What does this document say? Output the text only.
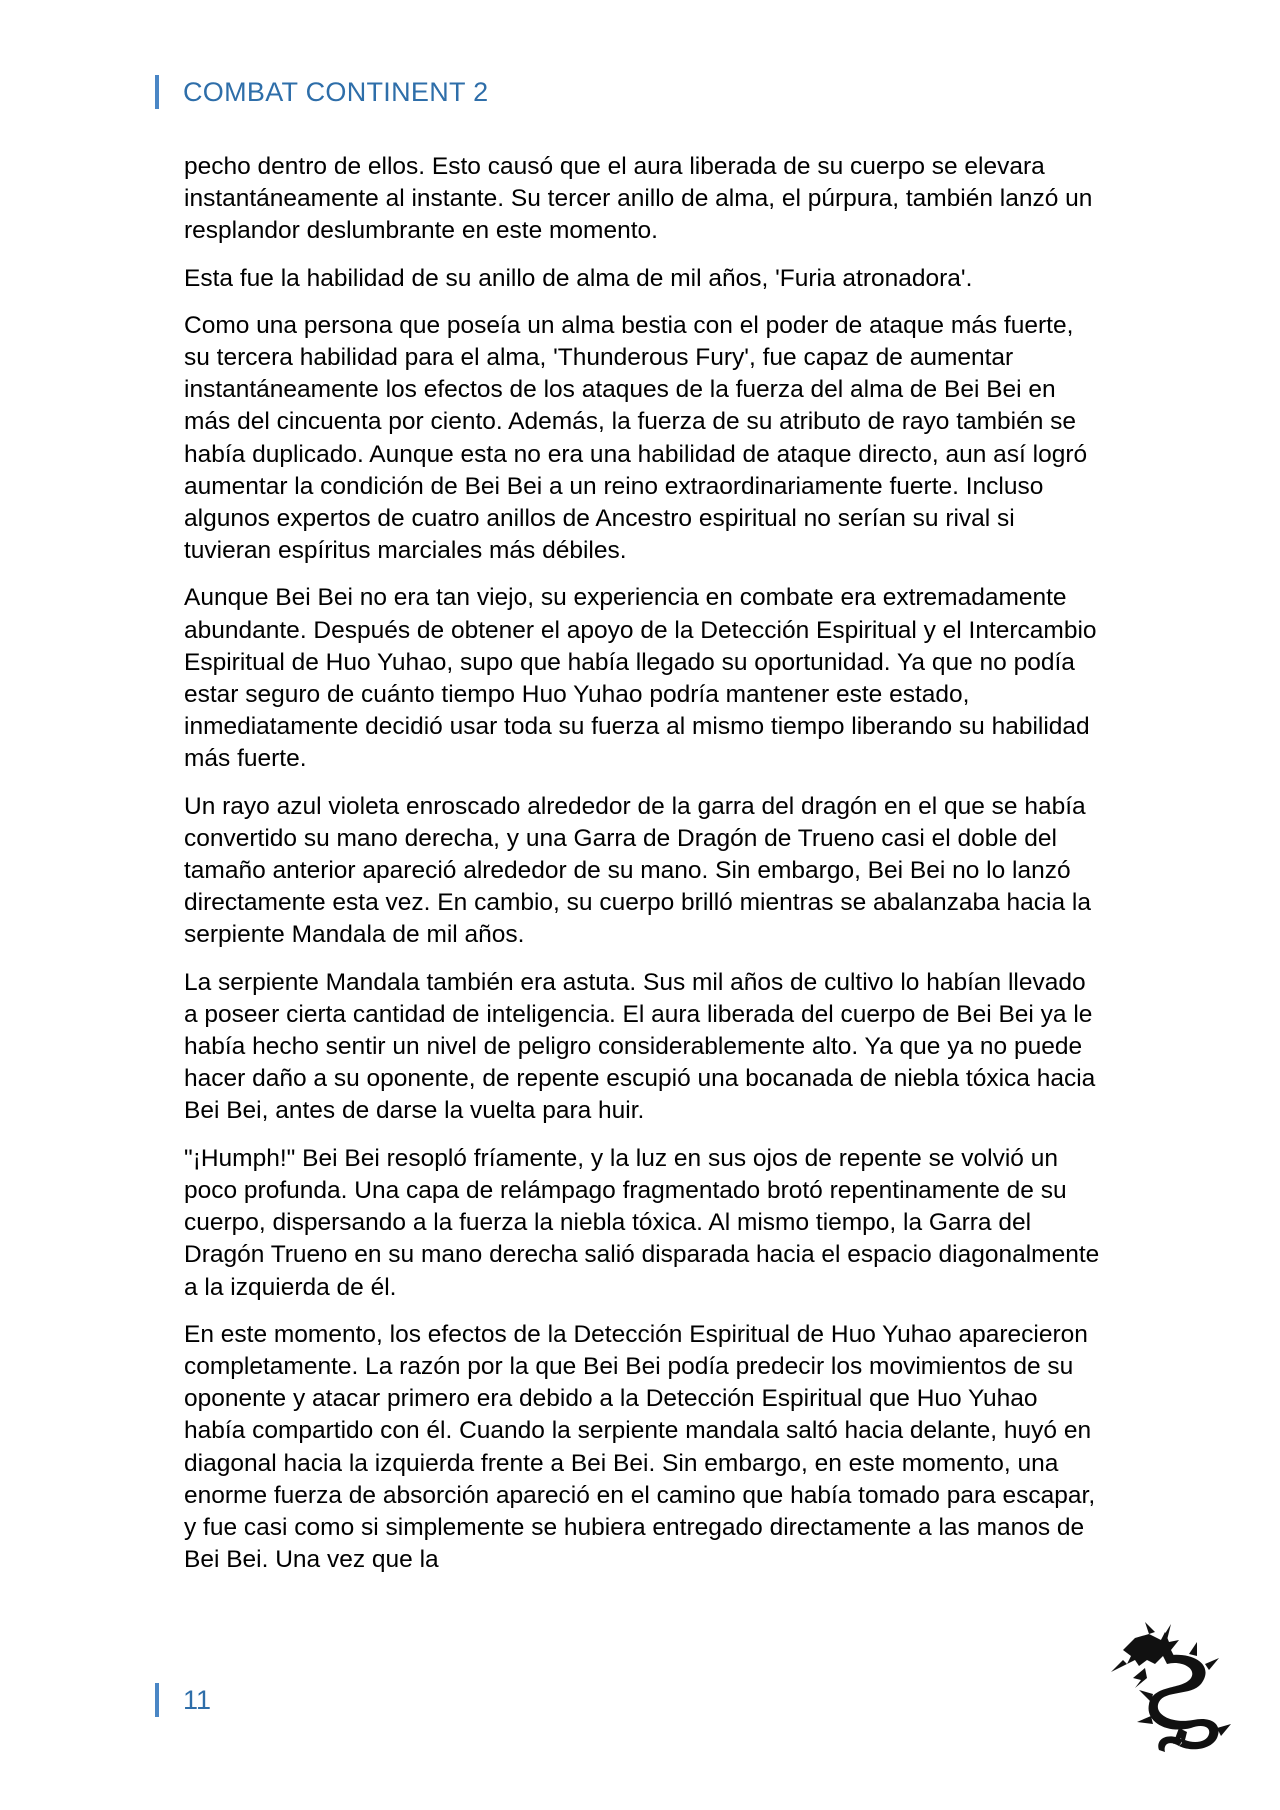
COMBAT CONTINENT 2

pecho dentro de ellos. Esto causó que el aura liberada de su cuerpo se elevara instantáneamente al instante. Su tercer anillo de alma, el púrpura, también lanzó un resplandor deslumbrante en este momento.

Esta fue la habilidad de su anillo de alma de mil años, 'Furia atronadora'.

Como una persona que poseía un alma bestia con el poder de ataque más fuerte, su tercera habilidad para el alma, 'Thunderous Fury', fue capaz de aumentar instantáneamente los efectos de los ataques de la fuerza del alma de Bei Bei en más del cincuenta por ciento. Además, la fuerza de su atributo de rayo también se había duplicado. Aunque esta no era una habilidad de ataque directo, aun así logró aumentar la condición de Bei Bei a un reino extraordinariamente fuerte. Incluso algunos expertos de cuatro anillos de Ancestro espiritual no serían su rival si tuvieran espíritus marciales más débiles.

Aunque Bei Bei no era tan viejo, su experiencia en combate era extremadamente abundante. Después de obtener el apoyo de la Detección Espiritual y el Intercambio Espiritual de Huo Yuhao, supo que había llegado su oportunidad. Ya que no podía estar seguro de cuánto tiempo Huo Yuhao podría mantener este estado, inmediatamente decidió usar toda su fuerza al mismo tiempo liberando su habilidad más fuerte.

Un rayo azul violeta enroscado alrededor de la garra del dragón en el que se había convertido su mano derecha, y una Garra de Dragón de Trueno casi el doble del tamaño anterior apareció alrededor de su mano. Sin embargo, Bei Bei no lo lanzó directamente esta vez. En cambio, su cuerpo brilló mientras se abalanzaba hacia la serpiente Mandala de mil años.

La serpiente Mandala también era astuta. Sus mil años de cultivo lo habían llevado a poseer cierta cantidad de inteligencia. El aura liberada del cuerpo de Bei Bei ya le había hecho sentir un nivel de peligro considerablemente alto. Ya que ya no puede hacer daño a su oponente, de repente escupió una bocanada de niebla tóxica hacia Bei Bei, antes de darse la vuelta para huir.

"¡Humph!" Bei Bei resopló fríamente, y la luz en sus ojos de repente se volvió un poco profunda. Una capa de relámpago fragmentado brotó repentinamente de su cuerpo, dispersando a la fuerza la niebla tóxica. Al mismo tiempo, la Garra del Dragón Trueno en su mano derecha salió disparada hacia el espacio diagonalmente a la izquierda de él.

En este momento, los efectos de la Detección Espiritual de Huo Yuhao aparecieron completamente. La razón por la que Bei Bei podía predecir los movimientos de su oponente y atacar primero era debido a la Detección Espiritual que Huo Yuhao había compartido con él. Cuando la serpiente mandala saltó hacia delante, huyó en diagonal hacia la izquierda frente a Bei Bei. Sin embargo, en este momento, una enorme fuerza de absorción apareció en el camino que había tomado para escapar, y fue casi como si simplemente se hubiera entregado directamente a las manos de Bei Bei. Una vez que la

11
